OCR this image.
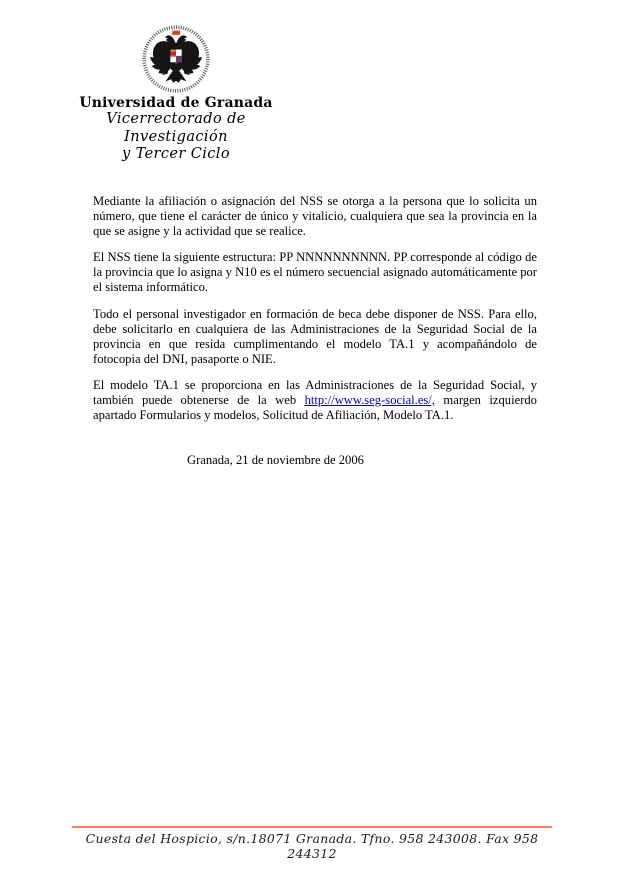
Universidad de Granada
Vicerrectorado de Investigación
y Tercer Ciclo

Mediante la afiliación o asignación del NSS se otorga a la persona que lo solicita un número, que tiene el carácter de único y vitalicio, cualquiera que sea la provincia en la que se asigne y la actividad que se realice.

El NSS tiene la siguiente estructura: PP NNNNNNNNNN. PP corresponde al código de la provincia que lo asigna y N10 es el número secuencial asignado automáticamente por el sistema informático.

Todo el personal investigador en formación de beca debe disponer de NSS. Para ello, debe solicitarlo en cualquiera de las Administraciones de la Seguridad Social de la provincia en que resida cumplimentando el modelo TA.1 y acompañándolo de fotocopia del DNI, pasaporte o NIE.

El modelo TA.1 se proporciona en las Administraciones de la Seguridad Social, y también puede obtenerse de la web http://www.seg-social.es/, margen izquierdo apartado Formularios y modelos, Solicitud de Afiliación, Modelo TA.1.

Granada, 21 de noviembre de 2006
Cuesta del Hospicio, s/n.18071 Granada. Tfno. 958 243008. Fax 958 244312
